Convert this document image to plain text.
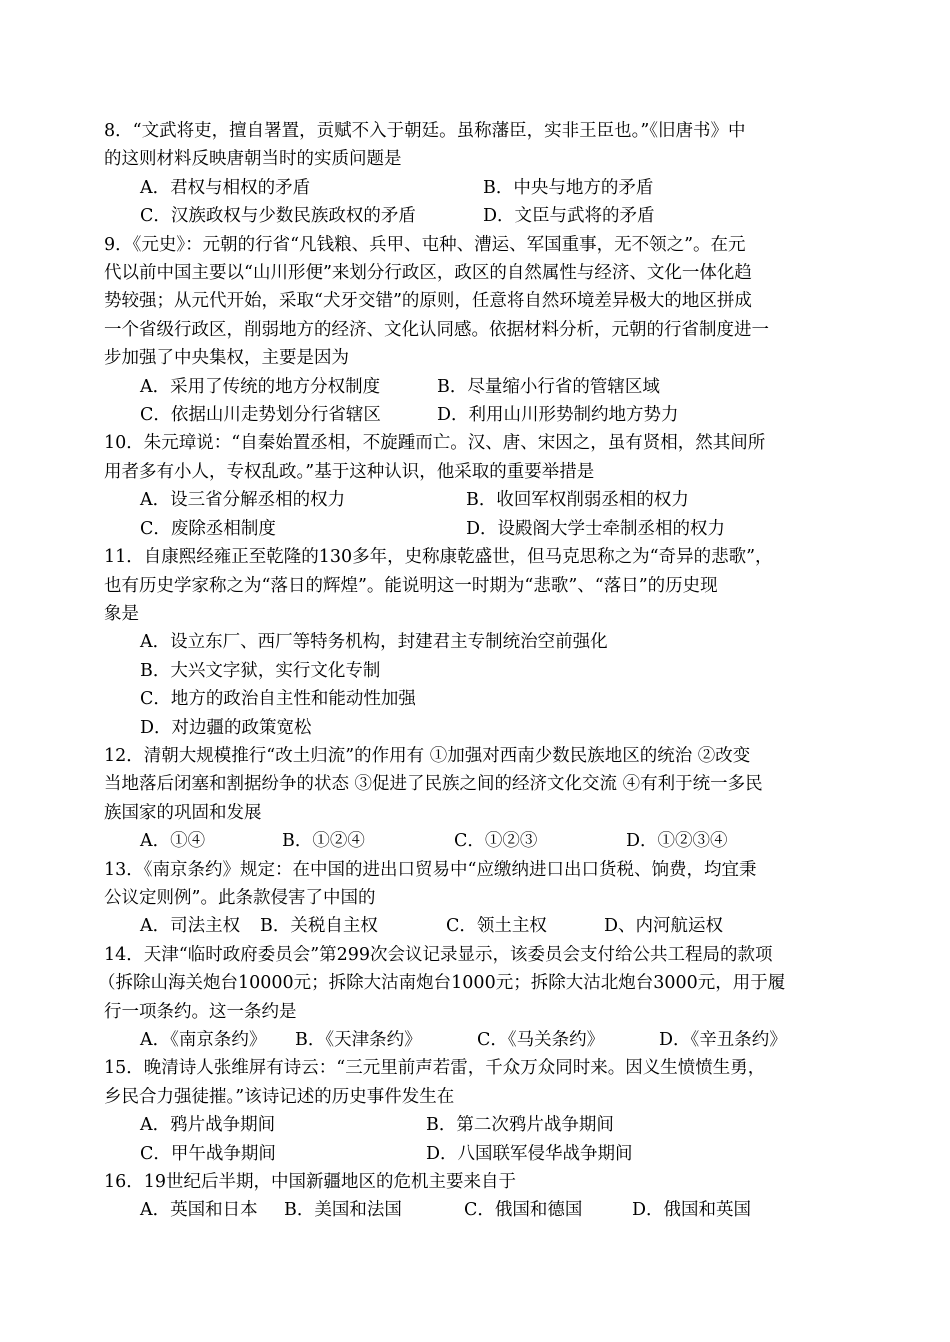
8．“文武将吏，擅自署置，贡赋不入于朝廷。虽称藩臣，实非王臣也。”《旧唐书》中
的这则材料反映唐朝当时的实质问题是
A．君权与相权的矛盾	B．中央与地方的矛盾
C．汉族政权与少数民族政权的矛盾	D．文臣与武将的矛盾
9．《元史》：元朝的行省“凡钱粮、兵甲、屯种、漕运、军国重事，无不领之”。在元
代以前中国主要以“山川形便”来划分行政区，政区的自然属性与经济、文化一体化趋
势较强；从元代开始，采取“犬牙交错”的原则，任意将自然环境差异极大的地区拼成
一个省级行政区，削弱地方的经济、文化认同感。依据材料分析，元朝的行省制度进一
步加强了中央集权，主要是因为
A．采用了传统的地方分权制度	B．尽量缩小行省的管辖区域
C．依据山川走势划分行省辖区	D．利用山川形势制约地方势力
10．朱元璋说：“自秦始置丞相，不旋踵而亡。汉、唐、宋因之，虽有贤相，然其间所
用者多有小人，专权乱政。”基于这种认识，他采取的重要举措是
A．设三省分解丞相的权力	B．收回军权削弱丞相的权力
C．废除丞相制度	D．设殿阁大学士牵制丞相的权力
11．自康熙经雍正至乾隆的130多年，史称康乾盛世，但马克思称之为“奇异的悲歌”，
也有历史学家称之为“落日的辉煌”。能说明这一时期为“悲歌”、“落日”的历史现
象是
A．设立东厂、西厂等特务机构，封建君主专制统治空前强化
B．大兴文字狱，实行文化专制
C．地方的政治自主性和能动性加强
D．对边疆的政策宽松
12．清朝大规模推行“改土归流”的作用有 ①加强对西南少数民族地区的统治 ②改变
当地落后闭塞和割据纷争的状态 ③促进了民族之间的经济文化交流 ④有利于统一多民
族国家的巩固和发展
A．①④	B．①②④	C．①②③	D．①②③④
13．《南京条约》规定：在中国的进出口贸易中“应缴纳进口出口货税、饷费，均宜秉
公议定则例”。此条款侵害了中国的
A．司法主权	B．关税自主权	C．领土主权	D、内河航运权
14．天津“临时政府委员会”第299次会议记录显示，该委员会支付给公共工程局的款项
（拆除山海关炮台10000元；拆除大沽南炮台1000元；拆除大沽北炮台3000元，用于履
行一项条约。这一条约是
A．《南京条约》	B．《天津条约》	C．《马关条约》	D．《辛丑条约》
15．晚清诗人张维屏有诗云：“三元里前声若雷，千众万众同时来。因义生愤愤生勇，
乡民合力强徒摧。”该诗记述的历史事件发生在
A．鸦片战争期间	B．第二次鸦片战争期间
C．甲午战争期间	D．八国联军侵华战争期间
16．19世纪后半期，中国新疆地区的危机主要来自于
A．英国和日本	B．美国和法国	C．俄国和德国	D．俄国和英国
